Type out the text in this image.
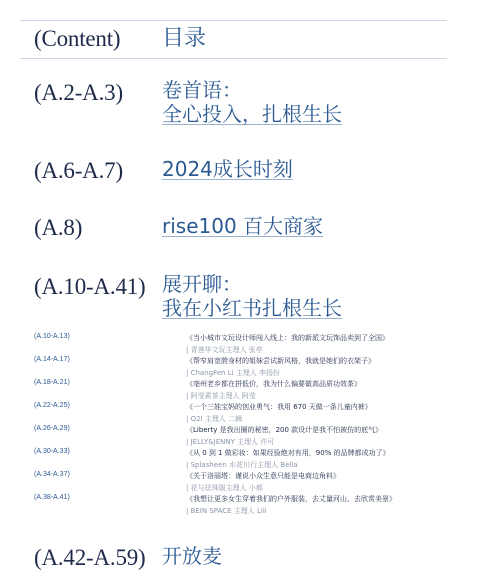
(Content) 目录
(A.2-A.3) 卷首语：
全心投入，扎根生长
(A.6-A.7) 2024成长时刻
(A.8)	rise100 百大商家
(A.10-A.41) 展开聊：
我在小红书扎根生长
(A.10-A.13)	《当小城市文玩设计师闯入线上：我的新派文玩饰品卖到了全国》
| 青莲华文玩主理人 张亭
(A.14-A.17)	《帮窄肩宽胯身材的姐妹尝试新风格，我就是她们的衣架子》
| ChangFen Li 主理人 李扬扮
(A.18-A.21)	《亳州老乡都在拼低价，我为什么偏要做高品质功效茶》
| 阿莹素茶主理人 阿莹
(A.22-A.25)	《一个三娃宝妈的创业勇气：我用 670 天做一条儿童内裤》
| Q2I 主理人 二狮
(A.26-A.29)	《Liberty 是我出圈的秘密，200 款设计是我不怕被仿的底气》
| JELLY&JENNY 主理人 许可
(A.30-A.33)	《从 0 到 1 做彩妆：如果经验绝对有用，90% 的品牌都成功了》
| Splasheen 水花川行主理人 Bella
(A.34-A.37)	《关于洛丽塔：谨说小众生意只能是电商边角料》
| 花与珐珠服主理人 小郝
(A.38-A.41)	《我想让更多女生穿着我们的户外服装，去丈量河山、去欣赏美景》
| BEIN SPACE 主理人 Lili
(A.42-A.59) 开放麦
